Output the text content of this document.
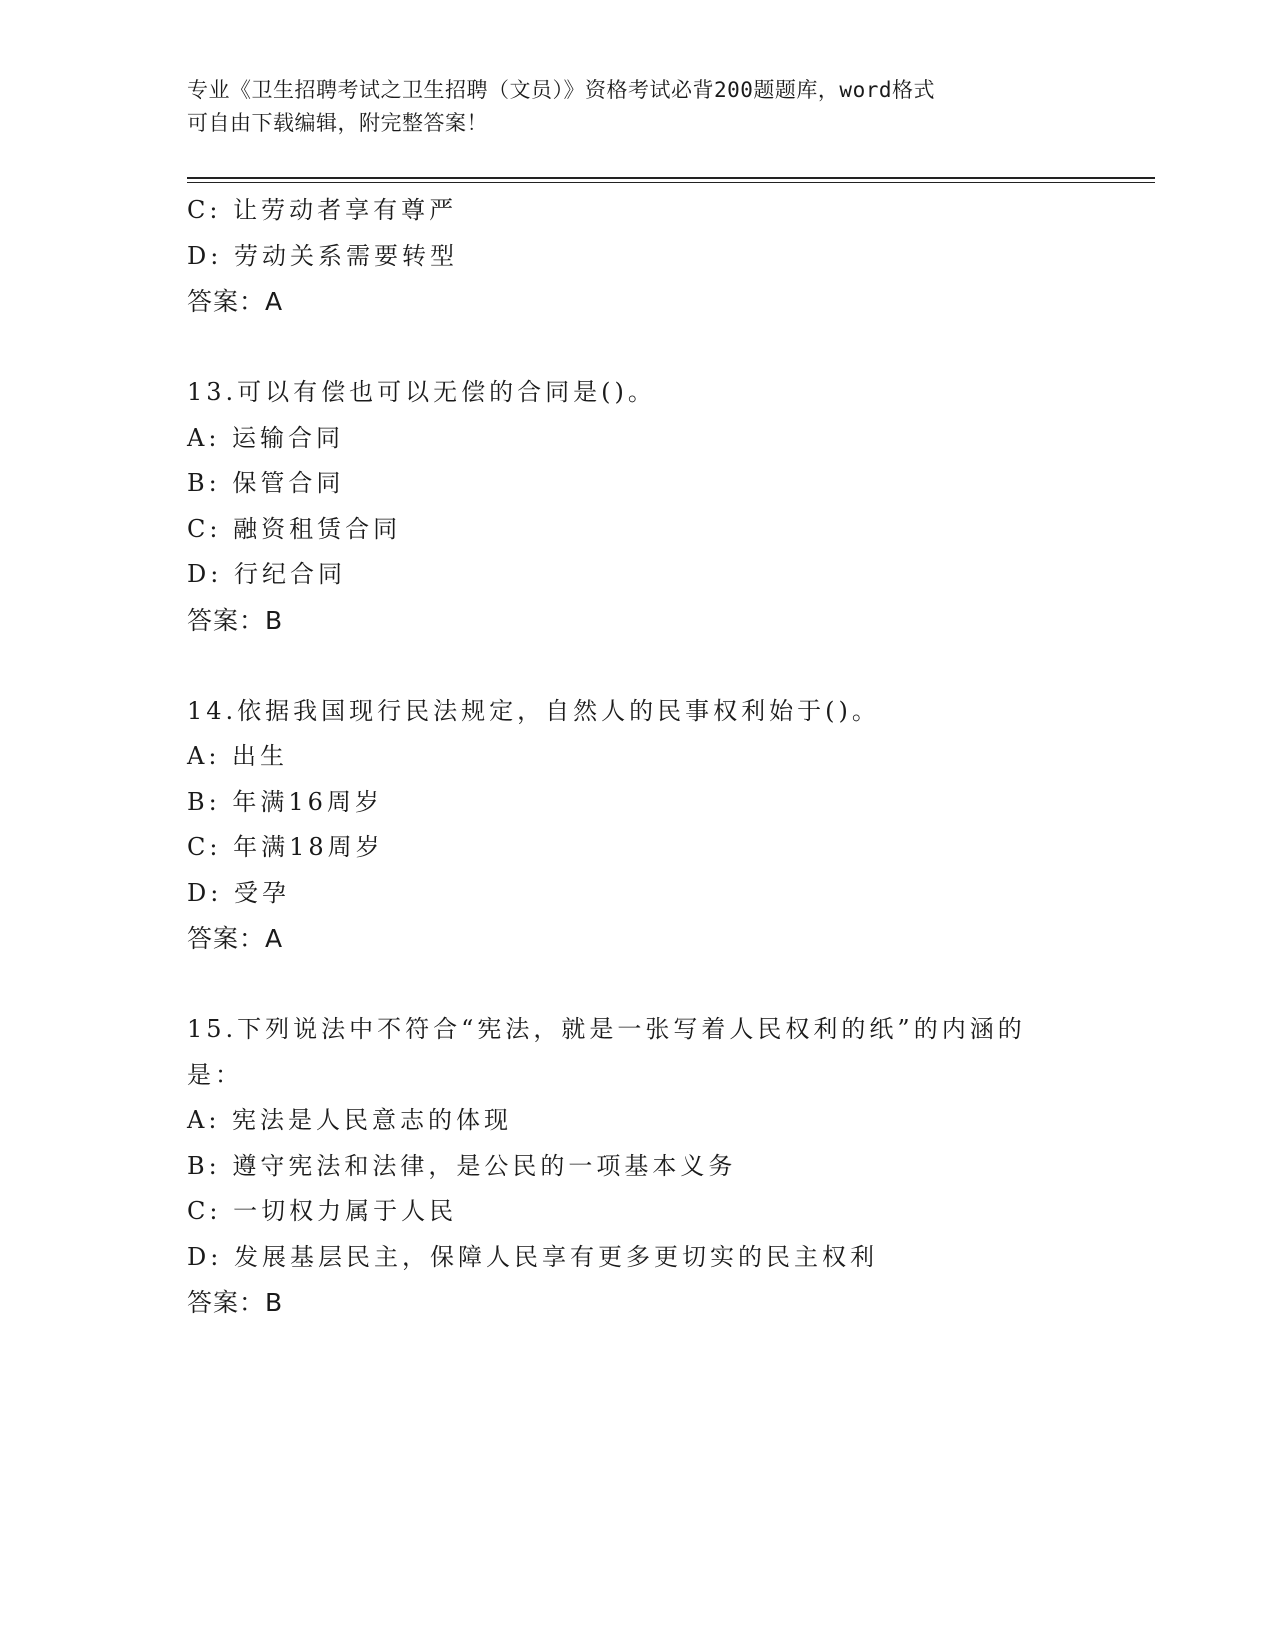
专业《卫生招聘考试之卫生招聘（文员）》资格考试必背200题题库，word格式
可自由下载编辑，附完整答案！
C: 让劳动者享有尊严
D: 劳动关系需要转型
答案：A
13.可以有偿也可以无偿的合同是()。
A: 运输合同
B: 保管合同
C: 融资租赁合同
D: 行纪合同
答案：B
14.依据我国现行民法规定，自然人的民事权利始于()。
A: 出生
B: 年满16周岁
C: 年满18周岁
D: 受孕
答案：A
15.下列说法中不符合“宪法，就是一张写着人民权利的纸”的内涵的
是：
A: 宪法是人民意志的体现
B: 遵守宪法和法律，是公民的一项基本义务
C: 一切权力属于人民
D: 发展基层民主，保障人民享有更多更切实的民主权利
答案：B
